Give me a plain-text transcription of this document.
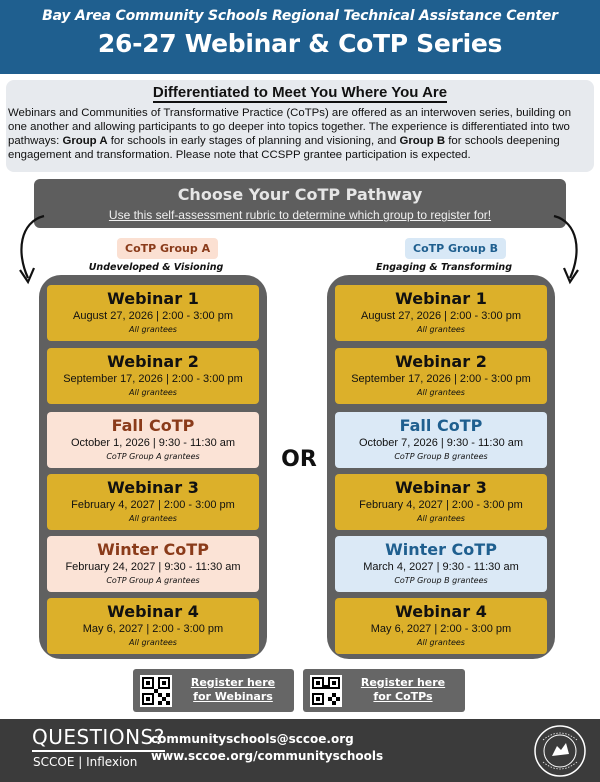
Bay Area Community Schools Regional Technical Assistance Center
26-27 Webinar & CoTP Series
Differentiated to Meet You Where You Are
Webinars and Communities of Transformative Practice (CoTPs) are offered as an interwoven series, building on one another and allowing participants to go deeper into topics together. The experience is differentiated into two pathways: Group A for schools in early stages of planning and visioning, and Group B for schools deepening engagement and transformation. Please note that CCSPP grantee participation is expected.
Choose Your CoTP Pathway
Use this self-assessment rubric to determine which group to register for!
CoTP Group A
Undeveloped & Visioning
CoTP Group B
Engaging & Transforming
Webinar 1
August 27, 2026 | 2:00 - 3:00 pm
All grantees
Webinar 2
September 17, 2026 | 2:00 - 3:00 pm
All grantees
Fall CoTP
October 1, 2026 | 9:30 - 11:30 am
CoTP Group A grantees
Webinar 3
February 4, 2027 | 2:00 - 3:00 pm
All grantees
Winter CoTP
February 24, 2027 | 9:30 - 11:30 am
CoTP Group A grantees
Webinar 4
May 6, 2027 | 2:00 - 3:00 pm
All grantees
Webinar 1
August 27, 2026 | 2:00 - 3:00 pm
All grantees
Webinar 2
September 17, 2026 | 2:00 - 3:00 pm
All grantees
Fall CoTP
October 7, 2026 | 9:30 - 11:30 am
CoTP Group B grantees
Webinar 3
February 4, 2027 | 2:00 - 3:00 pm
All grantees
Winter CoTP
March 4, 2027 | 9:30 - 11:30 am
CoTP Group B grantees
Webinar 4
May 6, 2027 | 2:00 - 3:00 pm
All grantees
OR
Register here
for Webinars
Register here
for CoTPs
QUESTIONS?
SCCOE | Inflexion
communityschools@sccoe.org
www.sccoe.org/communityschools
